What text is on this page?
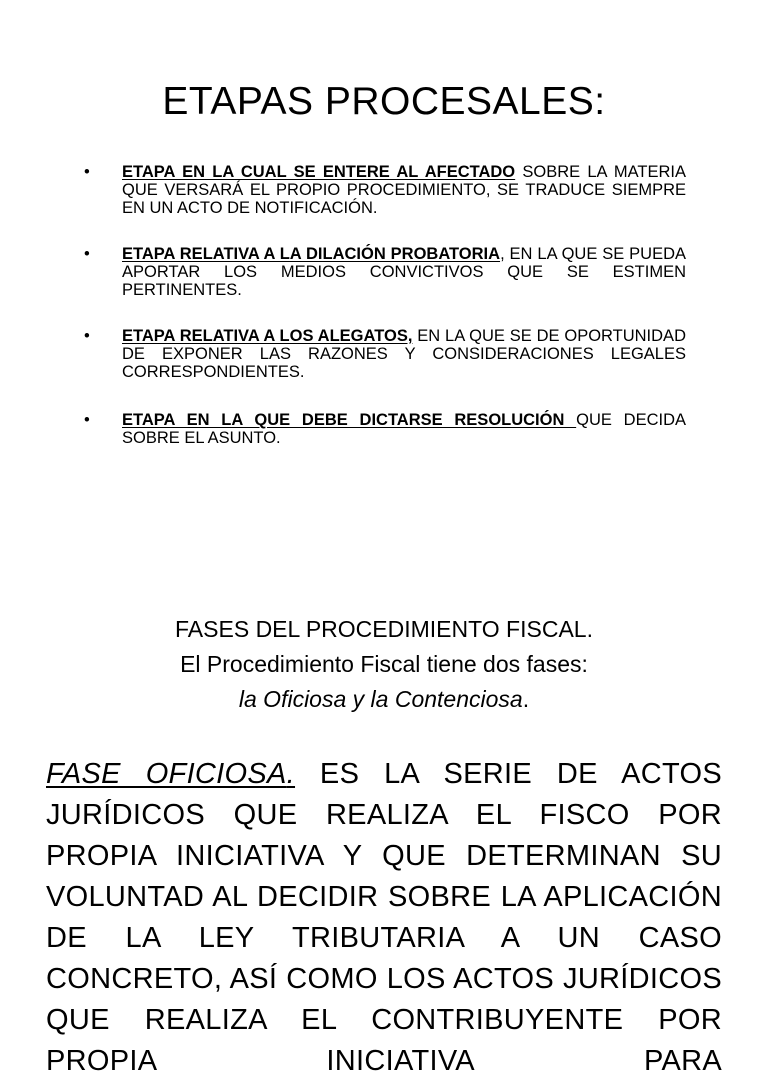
ETAPAS PROCESALES:
• ETAPA EN LA CUAL SE ENTERE AL AFECTADO SOBRE LA MATERIA QUE VERSARÁ EL PROPIO PROCEDIMIENTO, SE TRADUCE SIEMPRE EN UN ACTO DE NOTIFICACIÓN.
• ETAPA RELATIVA A LA DILACIÓN PROBATORIA, EN LA QUE SE PUEDA APORTAR LOS MEDIOS CONVICTIVOS QUE SE ESTIMEN PERTINENTES.
• ETAPA RELATIVA A LOS ALEGATOS, EN LA QUE SE DE OPORTUNIDAD DE EXPONER LAS RAZONES Y CONSIDERACIONES LEGALES CORRESPONDIENTES.
• ETAPA EN LA QUE DEBE DICTARSE RESOLUCIÓN QUE DECIDA SOBRE EL ASUNTO.
FASES DEL PROCEDIMIENTO FISCAL.
El Procedimiento Fiscal tiene dos fases:
la Oficiosa y la Contenciosa.
FASE OFICIOSA. ES LA SERIE DE ACTOS JURÍDICOS QUE REALIZA EL FISCO POR PROPIA INICIATIVA Y QUE DETERMINAN SU VOLUNTAD AL DECIDIR SOBRE LA APLICACIÓN DE LA LEY TRIBUTARIA A UN CASO CONCRETO, ASÍ COMO LOS ACTOS JURÍDICOS QUE REALIZA EL CONTRIBUYENTE POR PROPIA INICIATIVA PARA
